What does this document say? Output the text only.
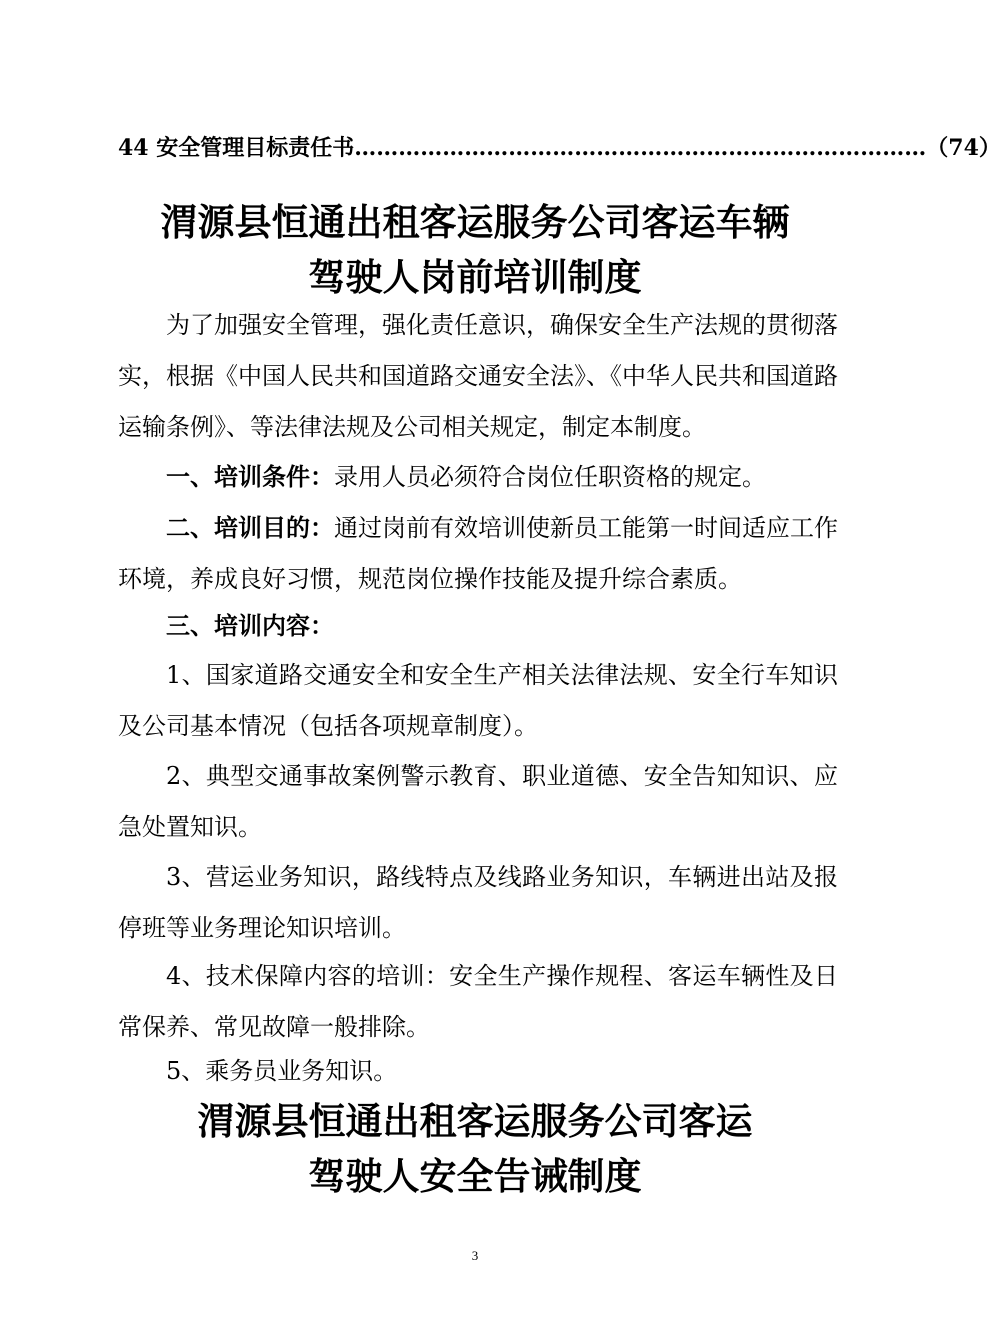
44 安全管理目标责任书 …………………………………………………………………… （74）
渭源县恒通出租客运服务公司客运车辆
驾驶人岗前培训制度
为了加强安全管理，强化责任意识，确保安全生产法规的贯彻落实，根据《中国人民共和国道路交通安全法》、《中华人民共和国道路运输条例》、等法律法规及公司相关规定，制定本制度。
一、培训条件：录用人员必须符合岗位任职资格的规定。
二、培训目的：通过岗前有效培训使新员工能第一时间适应工作环境，养成良好习惯，规范岗位操作技能及提升综合素质。
三、培训内容：
1、国家道路交通安全和安全生产相关法律法规、安全行车知识及公司基本情况（包括各项规章制度）。
2、典型交通事故案例警示教育、职业道德、安全告知知识、应急处置知识。
3、营运业务知识，路线特点及线路业务知识，车辆进出站及报停班等业务理论知识培训。
4、技术保障内容的培训：安全生产操作规程、客运车辆性及日常保养、常见故障一般排除。
5、乘务员业务知识。
渭源县恒通出租客运服务公司客运
驾驶人安全告诫制度
3
